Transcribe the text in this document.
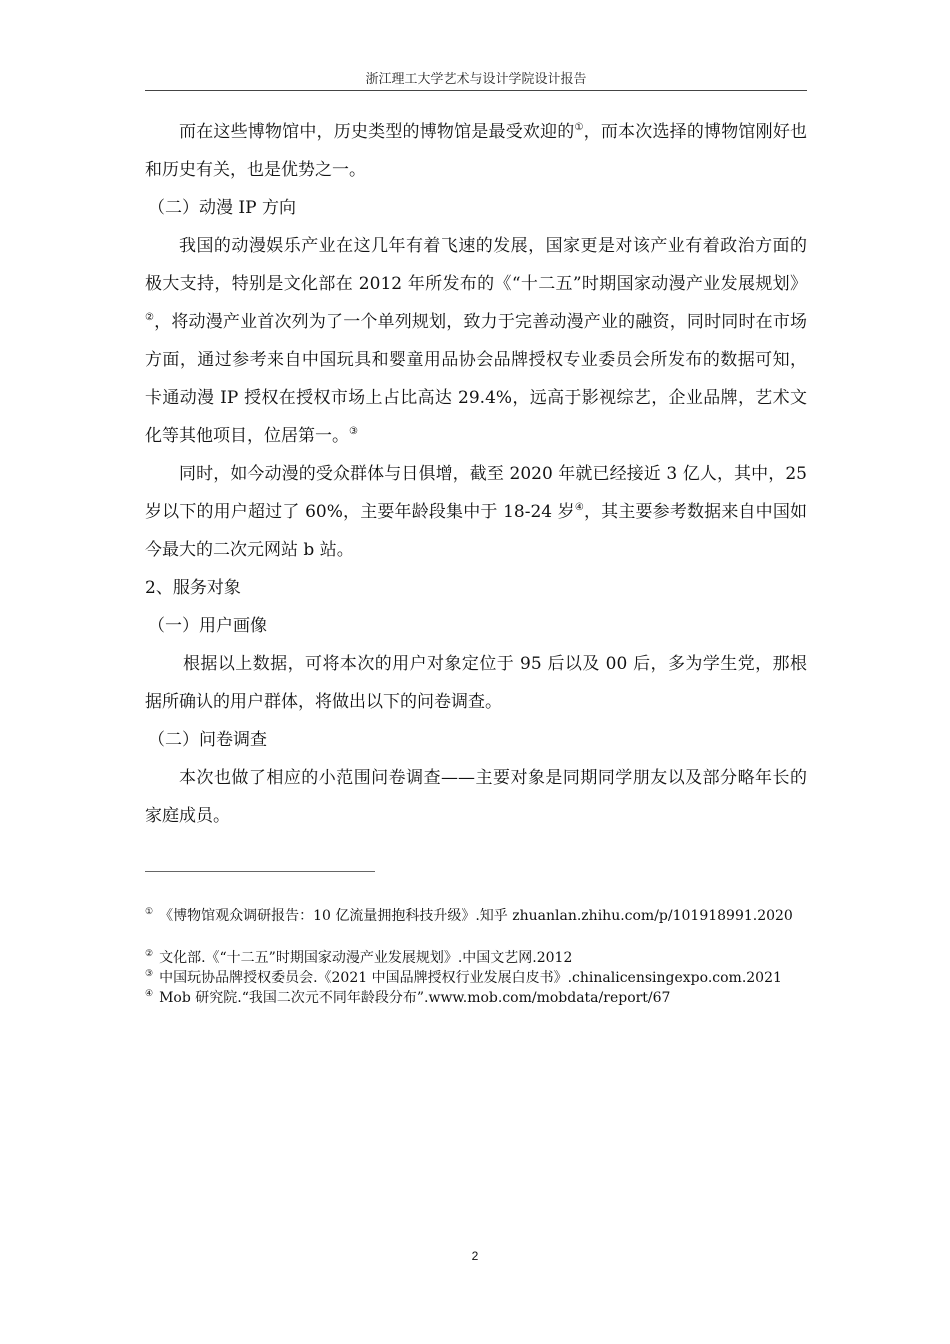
浙江理工大学艺术与设计学院设计报告

而在这些博物馆中，历史类型的博物馆是最受欢迎的①，而本次选择的博物馆刚好也和历史有关，也是优势之一。

（二）动漫 IP 方向

我国的动漫娱乐产业在这几年有着飞速的发展，国家更是对该产业有着政治方面的极大支持，特别是文化部在 2012 年所发布的《“十二五”时期国家动漫产业发展规划》②，将动漫产业首次列为了一个单列规划，致力于完善动漫产业的融资，同时同时在市场方面，通过参考来自中国玩具和婴童用品协会品牌授权专业委员会所发布的数据可知，卡通动漫 IP 授权在授权市场上占比高达 29.4%，远高于影视综艺，企业品牌，艺术文化等其他项目，位居第一。③

同时，如今动漫的受众群体与日俱增，截至 2020 年就已经接近 3 亿人，其中，25 岁以下的用户超过了 60%，主要年龄段集中于 18-24 岁④，其主要参考数据来自中国如今最大的二次元网站 b 站。

2、服务对象

（一）用户画像

根据以上数据，可将本次的用户对象定位于 95 后以及 00 后，多为学生党，那根据所确认的用户群体，将做出以下的问卷调查。

（二）问卷调查

本次也做了相应的小范围问卷调查——主要对象是同期同学朋友以及部分略年长的家庭成员。

① 《博物馆观众调研报告：10 亿流量拥抱科技升级》.知乎 zhuanlan.zhihu.com/p/101918991.2020

② 文化部.《“十二五”时期国家动漫产业发展规划》.中国文艺网.2012

③ 中国玩协品牌授权委员会.《2021 中国品牌授权行业发展白皮书》.chinalicensingexpo.com.2021

④ Mob 研究院.“我国二次元不同年龄段分布”.www.mob.com/mobdata/report/67

2
